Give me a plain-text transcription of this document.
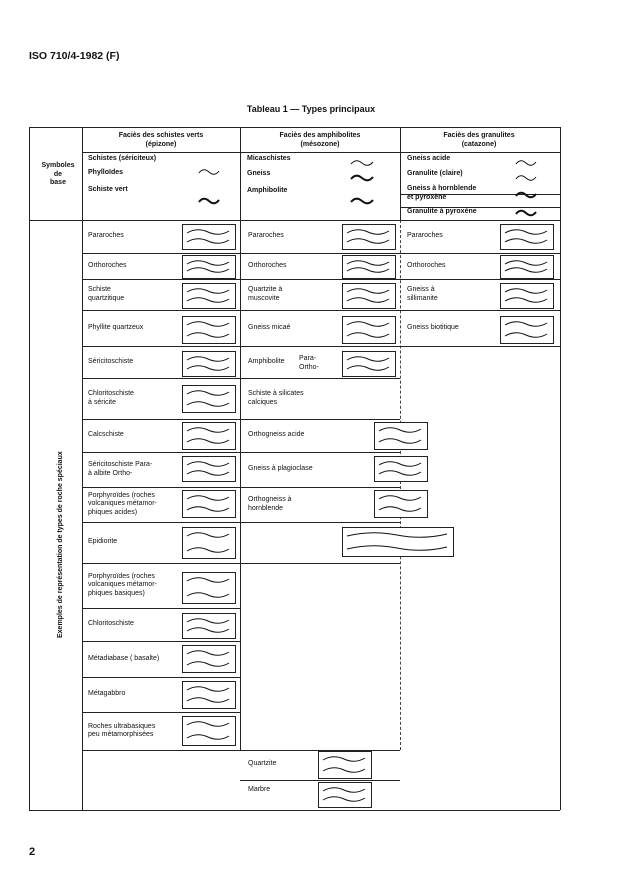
ISO 710/4-1982 (F)
Tableau 1 — Types principaux
Faciès des schistes verts
(épizone)
Faciès des amphibolites
(mésozone)
Faciès des granulites
(catazone)
Symboles
de
base
Exemples de représentation de types de roche spéciaux
Schistes (sériciteux)
Phylloïdes
Schiste vert
Micaschistes
Gneiss
Amphibolite
Gneiss acide
Granulite (claire)
Gneiss à hornblende
et pyroxène
Granulite à pyroxène
Pararoches
Orthoroches
Schiste
quartzitique
Phyllite quartzeux
Séricitoschiste
Chloritoschiste
à séricite
Calcschiste
Séricitoschiste Para-
à albite Ortho-
Porphyroïdes (roches
volcaniques métamor-
phiques acides)
Epidiorite
Porphyroïdes (roches
volcaniques métamor-
phiques basiques)
Chloritoschiste
Métadiabase ( basalte)
Métagabbro
Roches ultrabasiques
peu métamorphisées
Pararoches
Orthoroches
Quartzite à
muscovite
Gneiss micaé
Amphibolite
Schiste à silicates
calciques
Orthogneiss acide
Gneiss à plagioclase
Orthogneiss à
hornblende
Para-
Ortho-
Pararoches
Orthoroches
Gneiss à
sillimanite
Gneiss biotitique
Quartzite
Marbre
2
